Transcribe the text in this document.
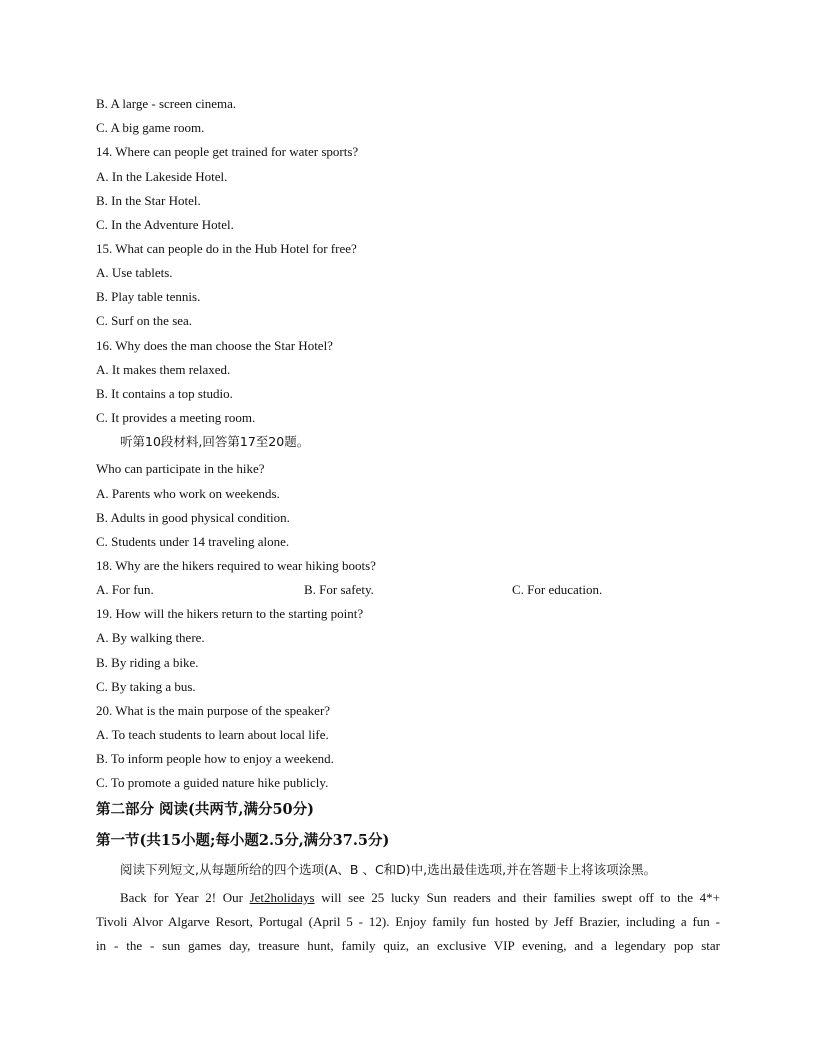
B. A large - screen cinema.
C. A big game room.
14. Where can people get trained for water sports?
A. In the Lakeside Hotel.
B. In the Star Hotel.
C. In the Adventure Hotel.
15. What can people do in the Hub Hotel for free?
A. Use tablets.
B. Play table tennis.
C. Surf on the sea.
16. Why does the man choose the Star Hotel?
A. It makes them relaxed.
B. It contains a top studio.
C. It provides a meeting room.
听第10段材料,回答第17至20题。
Who can participate in the hike?
A. Parents who work on weekends.
B. Adults in good physical condition.
C. Students under 14 traveling alone.
18. Why are the hikers required to wear hiking boots?
A. For fun.	B. For safety.	C. For education.
19. How will the hikers return to the starting point?
A. By walking there.
B. By riding a bike.
C. By taking a bus.
20. What is the main purpose of the speaker?
A. To teach students to learn about local life.
B. To inform people how to enjoy a weekend.
C. To promote a guided nature hike publicly.
第二部分 阅读(共两节,满分50分)
第一节(共15小题;每小题2.5分,满分37.5分)
阅读下列短文,从每题所给的四个选项(A、B 、C和D)中,选出最佳选项,并在答题卡上将该项涂黑。
Back for Year 2! Our Jet2holidays will see 25 lucky Sun readers and their families swept off to the 4*+
Tivoli Alvor Algarve Resort, Portugal (April 5 - 12). Enjoy family fun hosted by Jeff Brazier, including a fun -
in - the - sun games day, treasure hunt, family quiz, an exclusive VIP evening, and a legendary pop star
